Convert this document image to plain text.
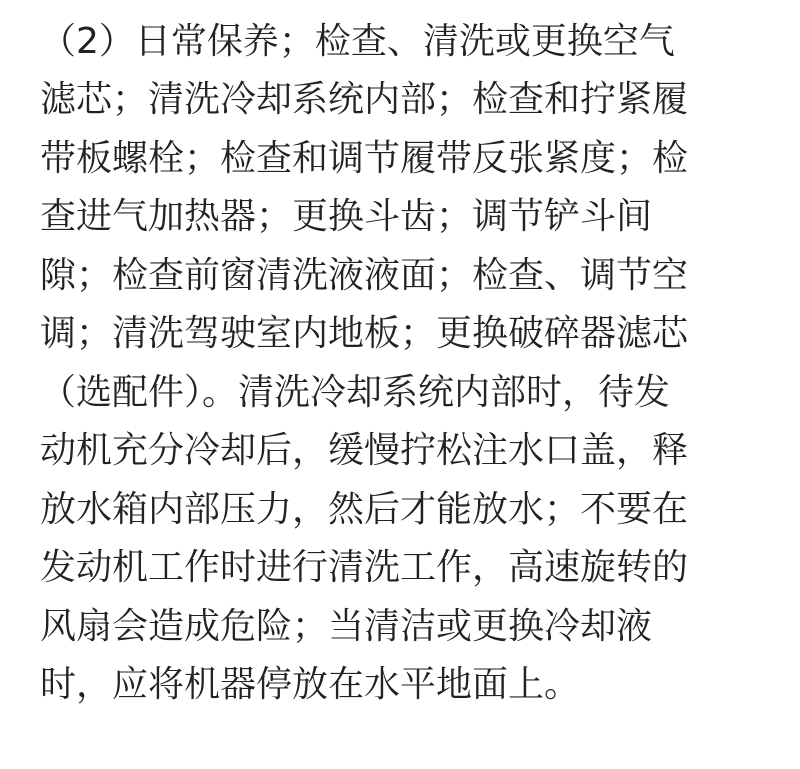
（2）日常保养；检查、清洗或更换空气
滤芯；清洗冷却系统内部；检查和拧紧履
带板螺栓；检查和调节履带反张紧度；检
查进气加热器；更换斗齿；调节铲斗间
隙；检查前窗清洗液液面；检查、调节空
调；清洗驾驶室内地板；更换破碎器滤芯
（选配件）。清洗冷却系统内部时，待发
动机充分冷却后，缓慢拧松注水口盖，释
放水箱内部压力，然后才能放水；不要在
发动机工作时进行清洗工作，高速旋转的
风扇会造成危险；当清洁或更换冷却液
时，应将机器停放在水平地面上。
